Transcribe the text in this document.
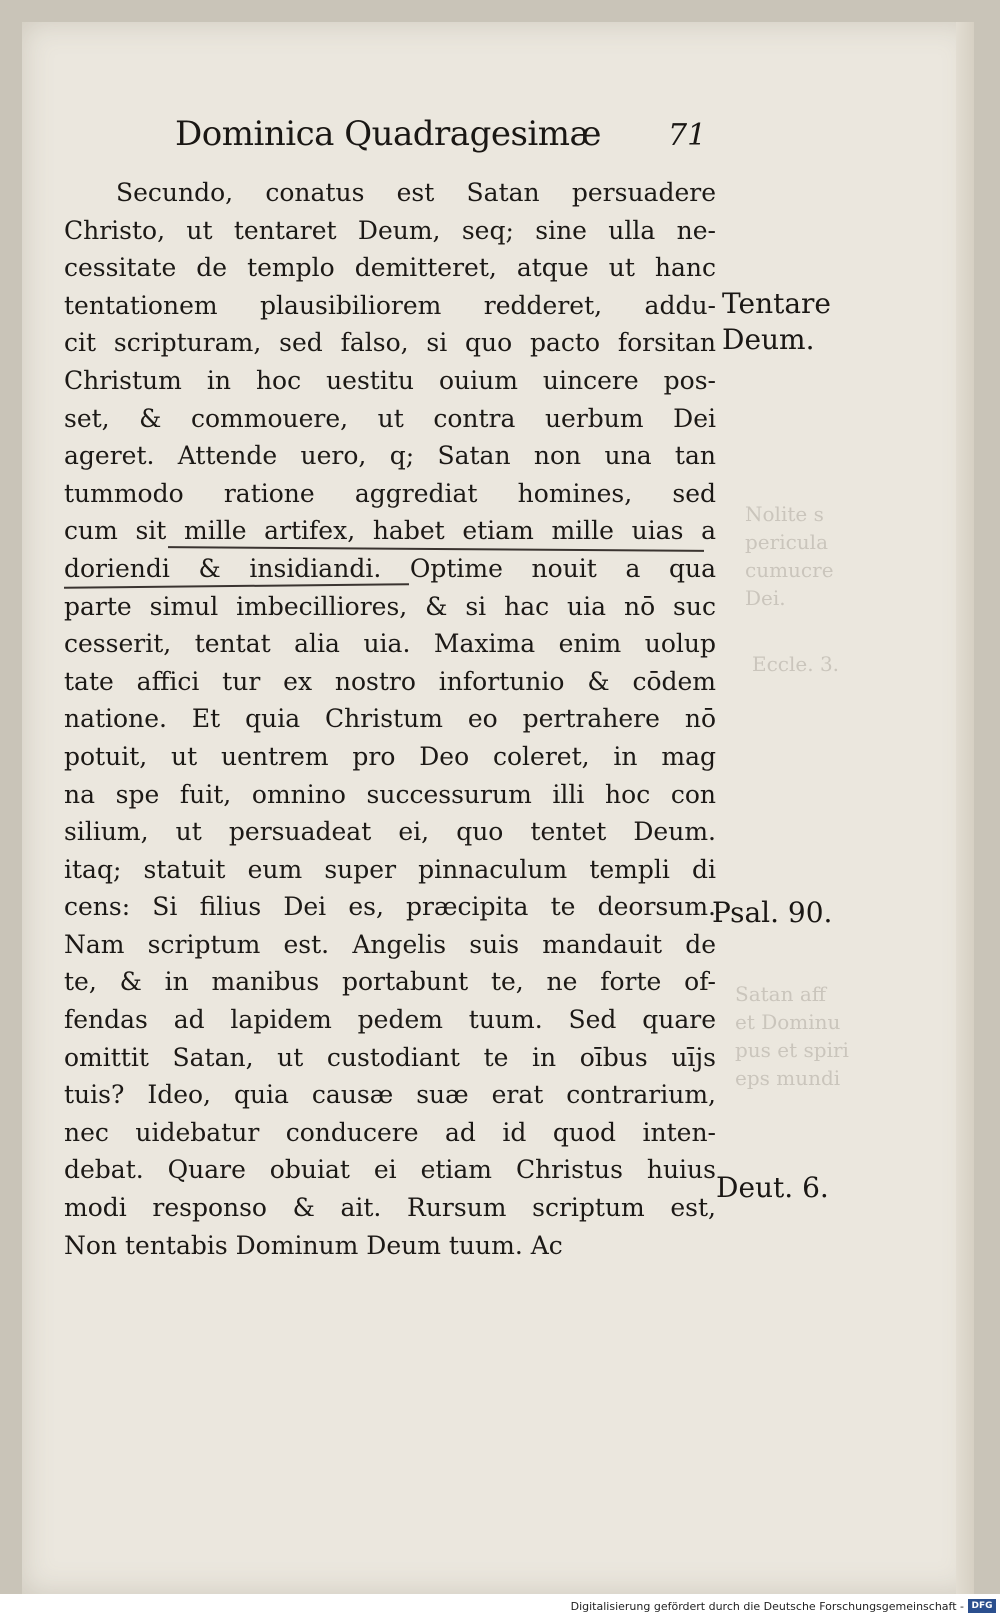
Nolite s
pericula
cumucre
Dei.
Eccle. 3.
Satan aff
et Dominu
pus et spiri
eps mundi
Dominica Quadragesimæ 71
Secundo, conatus est Satan persuadere
Christo, ut tentaret Deum, seq; sine ulla ne-
cessitate de templo demitteret, atque ut hanc
tentationem plausibiliorem redderet, addu-
cit scripturam, sed falso, si quo pacto forsitan
Christum in hoc uestitu ouium uincere pos-
set, & commouere, ut contra uerbum Dei
ageret. Attende uero, q; Satan non una tan
tummodo ratione aggrediat homines, sed
cum sit mille artifex, habet etiam mille uias a
doriendi & insidiandi. Optime nouit a qua
parte simul imbecilliores, & si hac uia nō suc
cesserit, tentat alia uia. Maxima enim uolup
tate affici tur ex nostro infortunio & cōdem
natione. Et quia Christum eo pertrahere nō
potuit, ut uentrem pro Deo coleret, in mag
na spe fuit, omnino successurum illi hoc con
silium, ut persuadeat ei, quo tentet Deum.
itaq; statuit eum super pinnaculum templi di
cens: Si filius Dei es, præcipita te deorsum.
Nam scriptum est. Angelis suis mandauit de
te, & in manibus portabunt te, ne forte of-
fendas ad lapidem pedem tuum. Sed quare
omittit Satan, ut custodiant te in oībus uījs
tuis? Ideo, quia causæ suæ erat contrarium,
nec uidebatur conducere ad id quod inten-
debat. Quare obuiat ei etiam Christus huius
modi responso & ait. Rursum scriptum est,
Non tentabis Dominum Deum tuum. Ac
Tentare
Deum.
Psal. 90.
Deut. 6.
Digitalisierung gefördert durch die Deutsche Forschungsgemeinschaft - DFG
